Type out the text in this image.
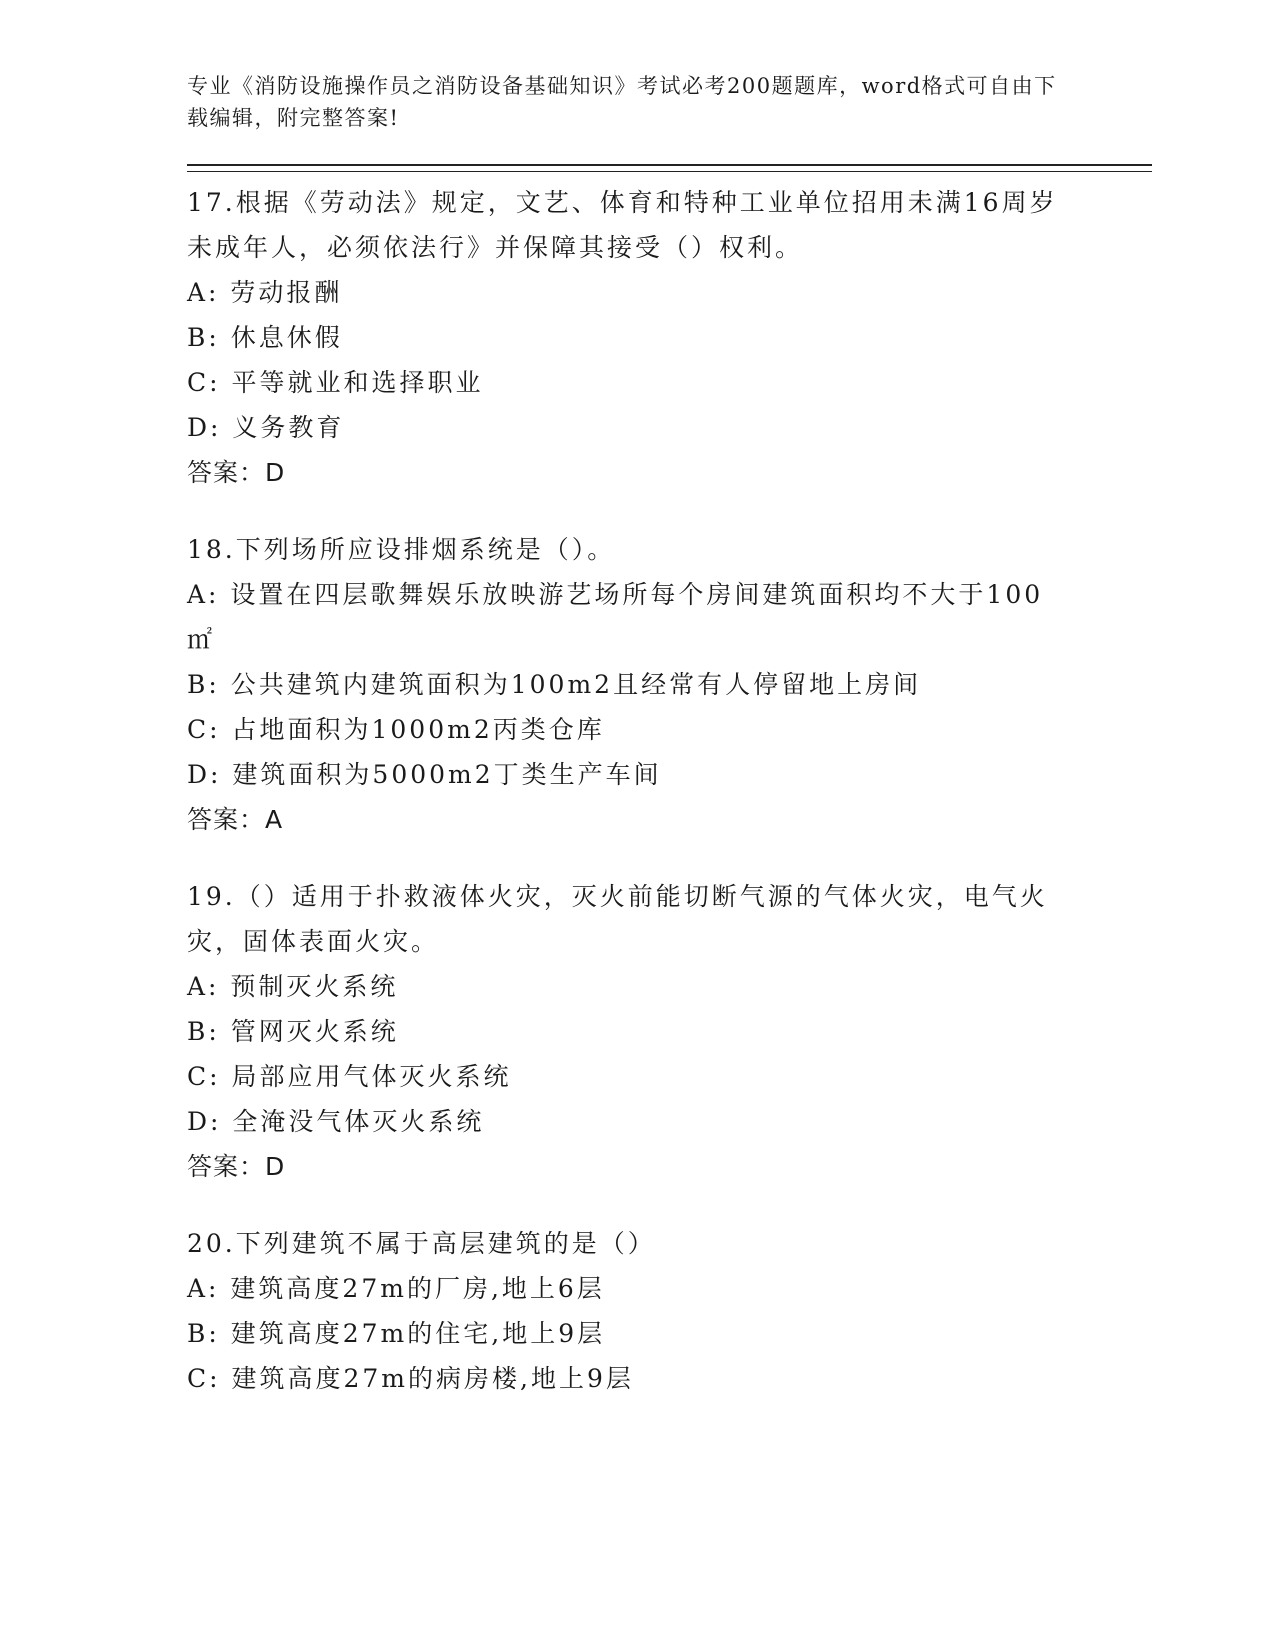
专业《消防设施操作员之消防设备基础知识》考试必考200题题库，word格式可自由下载编辑，附完整答案!

17.根据《劳动法》规定，文艺、体育和特种工业单位招用未满16周岁未成年人，必须依法行》并保障其接受（）权利。

A: 劳动报酬

B: 休息休假

C: 平等就业和选择职业

D: 义务教育

答案：D

18.下列场所应设排烟系统是（）。

A: 设置在四层歌舞娱乐放映游艺场所每个房间建筑面积均不大于100㎡

B: 公共建筑内建筑面积为100m2且经常有人停留地上房间

C: 占地面积为1000m2丙类仓库

D: 建筑面积为5000m2丁类生产车间

答案：A

19.（）适用于扑救液体火灾，灭火前能切断气源的气体火灾，电气火灾，固体表面火灾。

A: 预制灭火系统

B: 管网灭火系统

C: 局部应用气体灭火系统

D: 全淹没气体灭火系统

答案：D

20.下列建筑不属于高层建筑的是（）

A: 建筑高度27m的厂房,地上6层

B: 建筑高度27m的住宅,地上9层

C: 建筑高度27m的病房楼,地上9层
